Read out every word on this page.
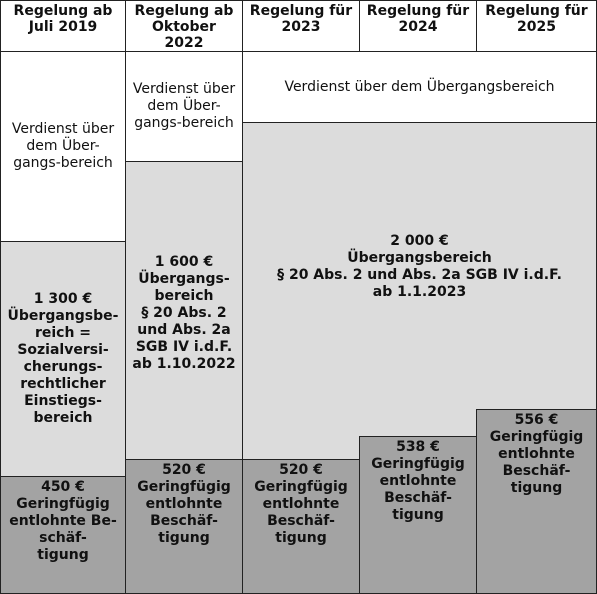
Regelung ab
Juli 2019
Regelung ab
Oktober
2022
Regelung für
2023
Regelung für
2024
Regelung für
2025
Verdienst über
dem Über-
gangs-bereich
Verdienst über
dem Über-
gangs-bereich
Verdienst über dem Übergangsbereich
1 300 €
Übergangsbe-
reich =
Sozialversi-
cherungs-
rechtlicher
Einstiegs-
bereich
1 600 €
Übergangs-
bereich
§ 20 Abs. 2
und Abs. 2a
SGB IV i.d.F.
ab 1.10.2022
2 000 €
Übergangsbereich
§ 20 Abs. 2 und Abs. 2a SGB IV i.d.F.
ab 1.1.2023
450 €
Geringfügig
entlohnte Be-
schäf-
tigung
520 €
Geringfügig
entlohnte
Beschäf-
tigung
520 €
Geringfügig
entlohnte
Beschäf-
tigung
538 €
Geringfügig
entlohnte
Beschäf-
tigung
556 €
Geringfügig
entlohnte
Beschäf-
tigung
